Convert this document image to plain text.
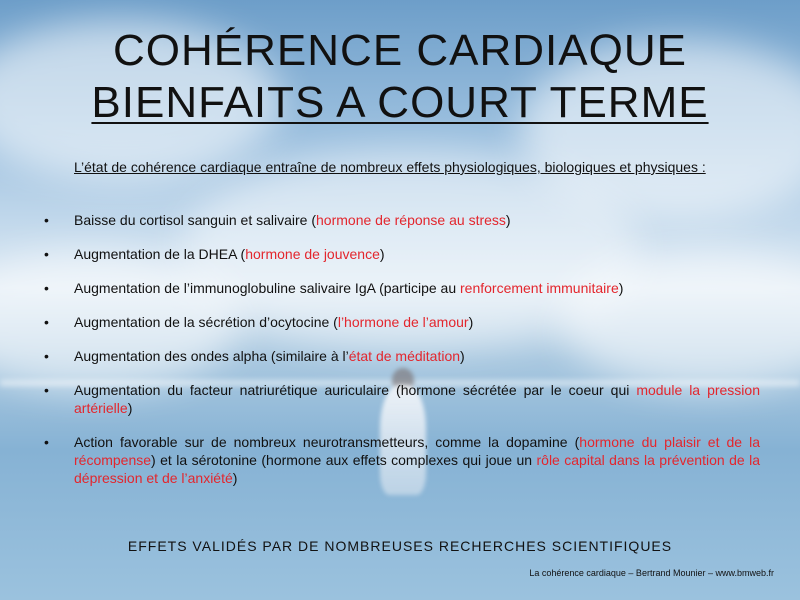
COHÉRENCE CARDIAQUE
BIENFAITS A COURT TERME
L’état de cohérence cardiaque entraîne de nombreux effets physiologiques, biologiques et physiques :
• Baisse du cortisol sanguin et salivaire (hormone de réponse au stress)
• Augmentation de la DHEA (hormone de jouvence)
• Augmentation de l’immunoglobuline salivaire IgA (participe au renforcement immunitaire)
• Augmentation de la sécrétion d’ocytocine (l’hormone de l’amour)
• Augmentation des ondes alpha (similaire à l’état de méditation)
• Augmentation du facteur natriurétique auriculaire (hormone sécrétée par le coeur qui module la pression artérielle)
• Action favorable sur de nombreux neurotransmetteurs, comme la dopamine (hormone du plaisir et de la récompense) et la sérotonine (hormone aux effets complexes qui joue un rôle capital dans la prévention de la dépression et de l’anxiété)
EFFETS VALIDÉS PAR DE NOMBREUSES RECHERCHES SCIENTIFIQUES
La cohérence cardiaque – Bertrand Mounier – www.bmweb.fr
